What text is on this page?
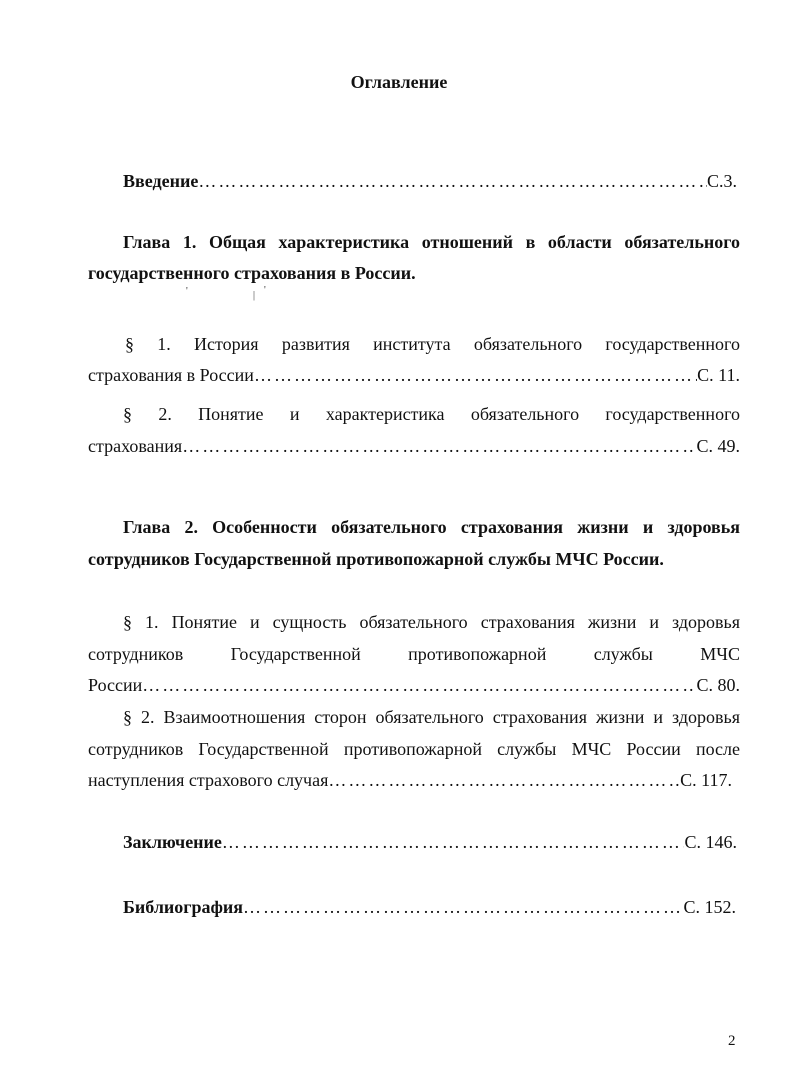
Оглавление
Введение …………………………………………………………………………………………………………………………………………………………………………………………	С.3.
Глава 1. Общая характеристика отношений в области обязательного
государственного страхования в России.
'	| '
§ 1. История развития института обязательного государственного
страхования в России …………………………………………………………………………………………………………………………………………………………………………………………	С. 11.
§ 2. Понятие и характеристика обязательного государственного
страхования …………………………………………………………………………………………………………………………………………………………………………………………	С. 49.
Глава 2. Особенности обязательного страхования жизни и здоровья
сотрудников Государственной противопожарной службы МЧС России.
§ 1. Понятие и сущность обязательного страхования жизни и здоровья
сотрудников Государственной противопожарной службы МЧС
России …………………………………………………………………………………………………………………………………………………………………………………………	С. 80.
§ 2. Взаимоотношения сторон обязательного страхования жизни и здоровья
сотрудников Государственной противопожарной службы МЧС России после
наступления страхового случая …………………………………………………………………………………………………………………………………………………………………………………………	С. 117.
Заключение …………………………………………………………………………………………………………………………………………………………………………………………	С. 146.
Библиография …………………………………………………………………………………………………………………………………………………………………………………………	С. 152.
2
